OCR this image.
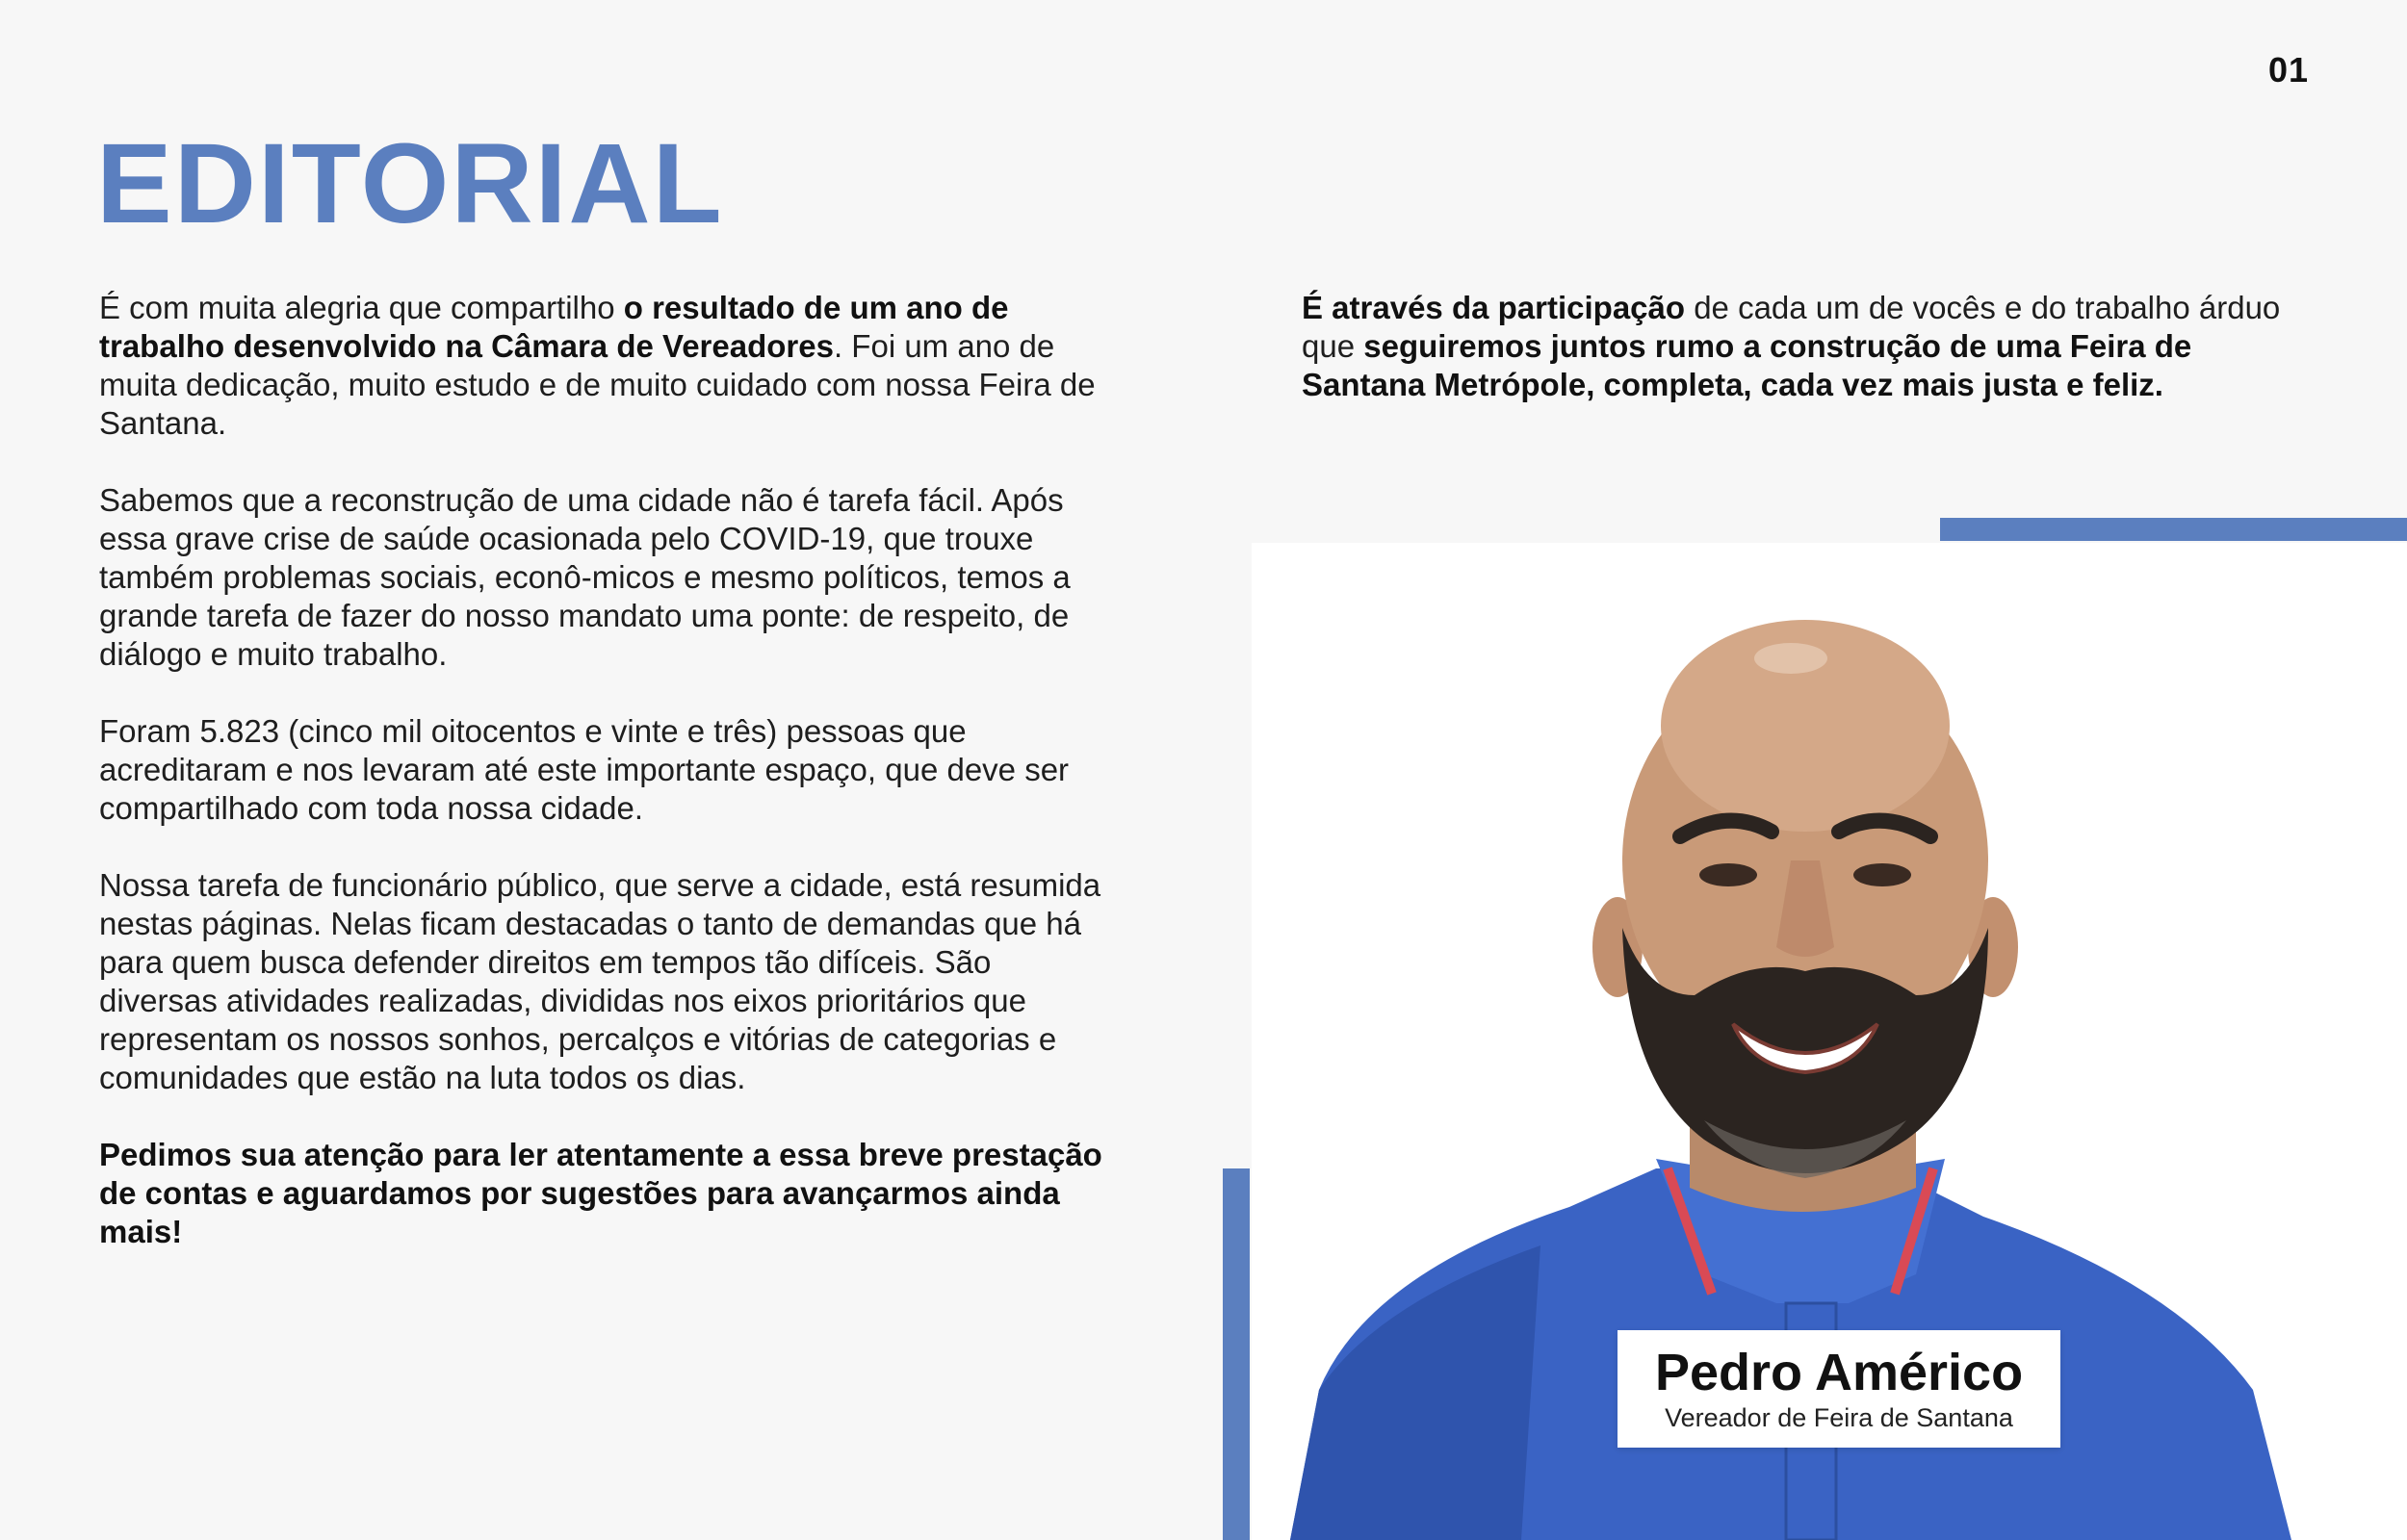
01
EDITORIAL

É com muita alegria que compartilho o resultado de um ano de trabalho desenvolvido na Câmara de Vereadores. Foi um ano de muita dedicação, muito estudo e de muito cuidado com nossa Feira de Santana.

Sabemos que a reconstrução de uma cidade não é tarefa fácil. Após essa grave crise de saúde ocasionada pelo COVID-19, que trouxe também problemas sociais, econô-micos e mesmo políticos, temos a grande tarefa de fazer do nosso mandato uma ponte: de respeito, de diálogo e muito trabalho.

Foram 5.823 (cinco mil oitocentos e vinte e três) pessoas que acreditaram e nos levaram até este importante espaço, que deve ser compartilhado com toda nossa cidade.

Nossa tarefa de funcionário público, que serve a cidade, está resumida nestas páginas. Nelas ficam destacadas o tanto de demandas que há para quem busca defender direitos em tempos tão difíceis. São diversas atividades realizadas, divididas nos eixos prioritários que representam os nossos sonhos, percalços e vitórias de categorias e comunidades que estão na luta todos os dias.

Pedimos sua atenção para ler atentamente a essa breve prestação de contas e aguardamos por sugestões para avançarmos ainda mais!

É através da participação de cada um de vocês e do trabalho árduo que seguiremos juntos rumo a construção de uma Feira de Santana Metrópole, completa, cada vez mais justa e feliz.

Pedro Américo
Vereador de Feira de Santana
